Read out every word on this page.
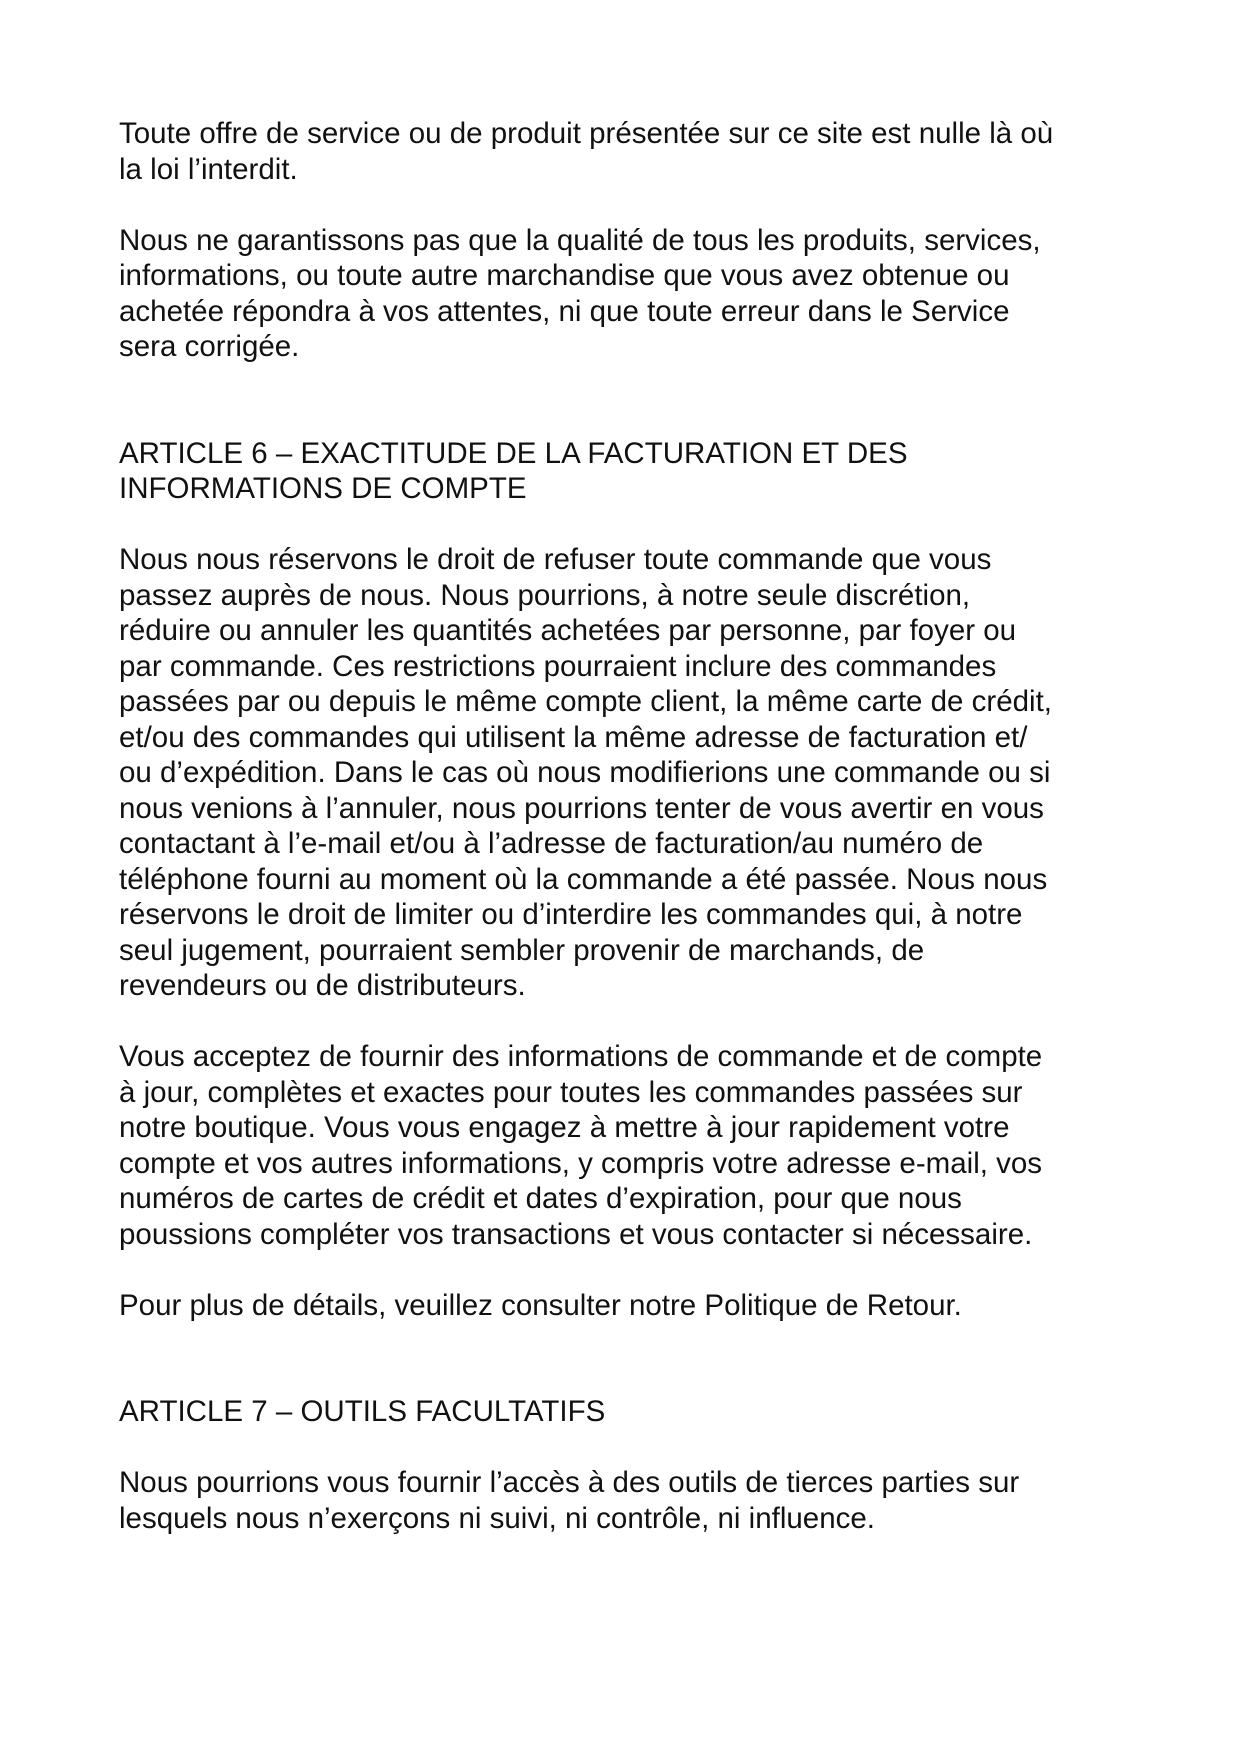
Toute offre de service ou de produit présentée sur ce site est nulle là où
la loi l’interdit.
Nous ne garantissons pas que la qualité de tous les produits, services,
informations, ou toute autre marchandise que vous avez obtenue ou
achetée répondra à vos attentes, ni que toute erreur dans le Service
sera corrigée.
ARTICLE 6 – EXACTITUDE DE LA FACTURATION ET DES
INFORMATIONS DE COMPTE
Nous nous réservons le droit de refuser toute commande que vous
passez auprès de nous. Nous pourrions, à notre seule discrétion,
réduire ou annuler les quantités achetées par personne, par foyer ou
par commande. Ces restrictions pourraient inclure des commandes
passées par ou depuis le même compte client, la même carte de crédit,
et/ou des commandes qui utilisent la même adresse de facturation et/
ou d’expédition. Dans le cas où nous modifierions une commande ou si
nous venions à l’annuler, nous pourrions tenter de vous avertir en vous
contactant à l’e-mail et/ou à l’adresse de facturation/au numéro de
téléphone fourni au moment où la commande a été passée. Nous nous
réservons le droit de limiter ou d’interdire les commandes qui, à notre
seul jugement, pourraient sembler provenir de marchands, de
revendeurs ou de distributeurs.
Vous acceptez de fournir des informations de commande et de compte
à jour, complètes et exactes pour toutes les commandes passées sur
notre boutique. Vous vous engagez à mettre à jour rapidement votre
compte et vos autres informations, y compris votre adresse e-mail, vos
numéros de cartes de crédit et dates d’expiration, pour que nous
poussions compléter vos transactions et vous contacter si nécessaire.
Pour plus de détails, veuillez consulter notre Politique de Retour.
ARTICLE 7 – OUTILS FACULTATIFS
Nous pourrions vous fournir l’accès à des outils de tierces parties sur
lesquels nous n’exerçons ni suivi, ni contrôle, ni influence.
